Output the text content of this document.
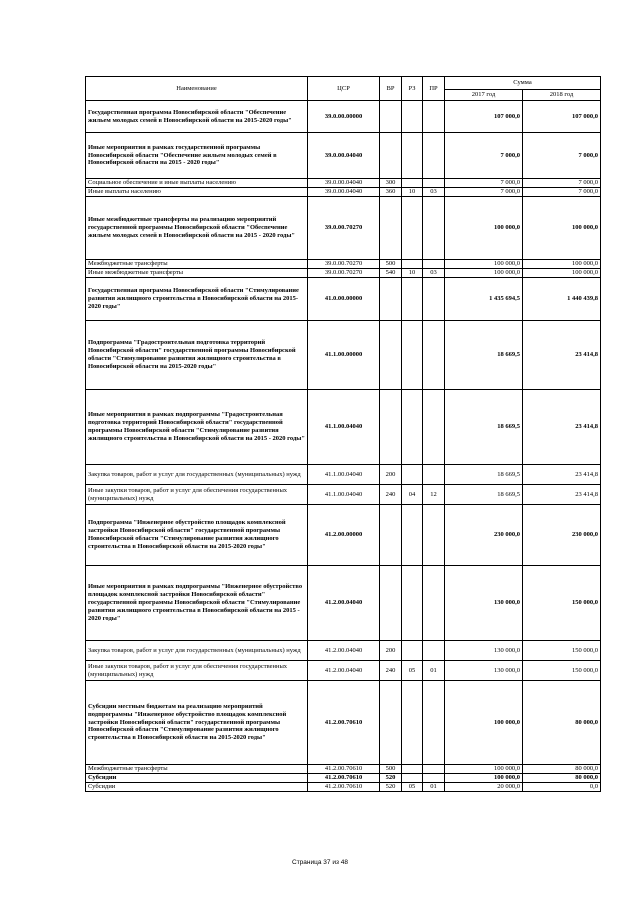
Наименование	ЦСР	ВР	РЗ	ПР	Сумма	
					2017 год	2018 год
Государственная программа Новосибирской области "Обеспечение жильем молодых семей в Новосибирской области на 2015-2020 годы"	39.0.00.00000				107 000,0	107 000,0
Иные мероприятия в рамках государственной программы Новосибирской области "Обеспечение жильем молодых семей в Новосибирской области на 2015 - 2020 годы"	39.0.00.04040				7 000,0	7 000,0
Социальное обеспечение и иные выплаты населению	39.0.00.04040	300			7 000,0	7 000,0
Иные выплаты населению	39.0.00.04040	360	10	03	7 000,0	7 000,0
Иные межбюджетные трансферты на реализацию мероприятий государственной программы Новосибирской области "Обеспечение жильем молодых семей в Новосибирской области на 2015 - 2020 годы"	39.0.00.70270				100 000,0	100 000,0
Межбюджетные трансферты	39.0.00.70270	500			100 000,0	100 000,0
Иные межбюджетные трансферты	39.0.00.70270	540	10	03	100 000,0	100 000,0
Государственная программа Новосибирской области "Стимулирование развития жилищного строительства в Новосибирской области на 2015-2020 годы"	41.0.00.00000				1 435 694,5	1 440 439,8
Подпрограмма "Градостроительная подготовка территорий Новосибирской области" государственной программы Новосибирской области "Стимулирование развития жилищного строительства в Новосибирской области на 2015-2020 годы"	41.1.00.00000				18 669,5	23 414,8
Иные мероприятия в рамках подпрограммы "Градостроительная подготовка территорий Новосибирской области" государственной программы Новосибирской области "Стимулирование развития жилищного строительства в Новосибирской области на 2015 - 2020 годы"	41.1.00.04040				18 669,5	23 414,8
Закупка товаров, работ и услуг для государственных (муниципальных) нужд	41.1.00.04040	200			18 669,5	23 414,8
Иные закупки товаров, работ и услуг для обеспечения государственных (муниципальных) нужд	41.1.00.04040	240	04	12	18 669,5	23 414,8
Подпрограмма "Инженерное обустройство площадок комплексной застройки Новосибирской области" государственной программы Новосибирской области "Стимулирование развития жилищного строительства в Новосибирской области на 2015-2020 годы"	41.2.00.00000				230 000,0	230 000,0
Иные мероприятия в рамках подпрограммы "Инженерное обустройство площадок комплексной застройки Новосибирской области" государственной программы Новосибирской области "Стимулирование развития жилищного строительства в Новосибирской области на 2015 - 2020 годы"	41.2.00.04040				130 000,0	150 000,0
Закупка товаров, работ и услуг для государственных (муниципальных) нужд	41.2.00.04040	200			130 000,0	150 000,0
Иные закупки товаров, работ и услуг для обеспечения государственных (муниципальных) нужд	41.2.00.04040	240	05	01	130 000,0	150 000,0
Субсидии местным бюджетам на реализацию мероприятий подпрограммы "Инженерное обустройство площадок комплексной застройки Новосибирской области" государственной программы Новосибирской области "Стимулирование развития жилищного строительства в Новосибирской области на 2015-2020 годы"	41.2.00.70610				100 000,0	80 000,0
Межбюджетные трансферты	41.2.00.70610	500			100 000,0	80 000,0
Субсидии	41.2.00.70610	520			100 000,0	80 000,0
Субсидии	41.2.00.70610	520	05	01	20 000,0	0,0
Страница 37 из 48
